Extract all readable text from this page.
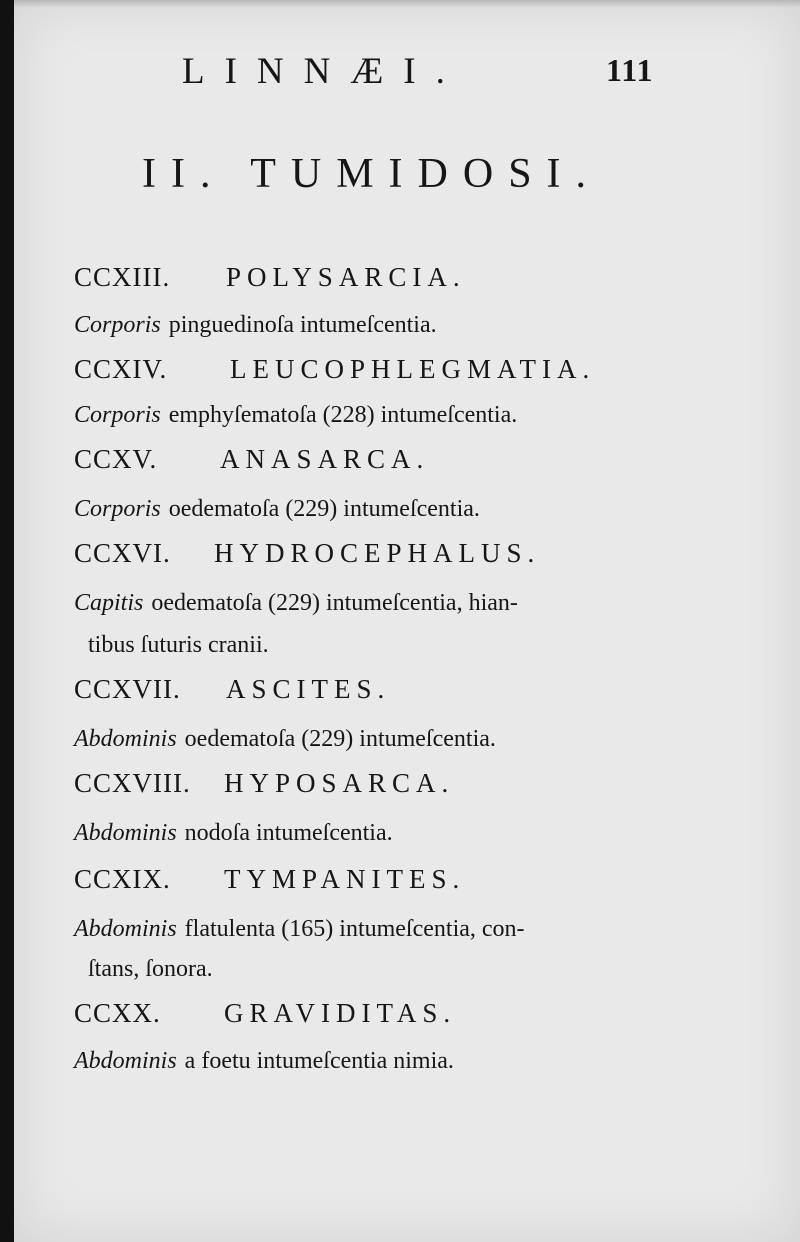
LINNÆI.	111
II. TUMIDOSI.
CCXIII. POLYSARCIA.
Corporis pinguedinoſa intumeſcentia.
CCXIV. LEUCOPHLEGMATIA.
Corporis emphyſematoſa (228) intumeſcentia.
CCXV. ANASARCA.
Corporis oedematoſa (229) intumeſcentia.
CCXVI. HYDROCEPHALUS.
Capitis oedematoſa (229) intumeſcentia, hian-
tibus ſuturis cranii.
CCXVII. ASCITES.
Abdominis oedematoſa (229) intumeſcentia.
CCXVIII. HYPOSARCA.
Abdominis nodoſa intumeſcentia.
CCXIX. TYMPANITES.
Abdominis flatulenta (165) intumeſcentia, con-
ſtans, ſonora.
CCXX. GRAVIDITAS.
Abdominis a foetu intumeſcentia nimia.
